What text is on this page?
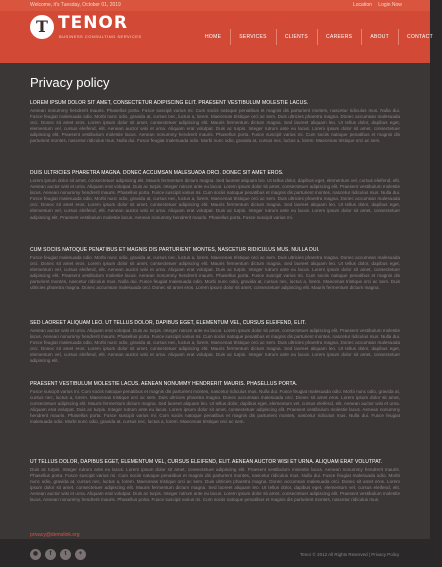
Welcome, it's Tuesday, October 01, 2019	Location Login Now
T TENOR
BUSINESS CONSULTING SERVICES	HOME	SERVICES	CLIENTS	CAREERS	ABOUT	CONTACT
Privacy policy
LOREM IPSUM DOLOR SIT AMET, CONSECTETUR ADIPISCING ELIT. PRAESENT VESTIBULUM MOLESTIE LACUS.
Aenean nonummy hendrerit mauris. Phasellus porta. Fusce suscipit varius mi. Cum sociis natoque penatibus et magnis dis parturient montes, nascetur ridiculus mus. Nulla dui. Fusce feugiat malesuada odio. Morbi nunc odio, gravida at, cursus nec, luctus a, lorem. Maecenas tristique orci ac sem. Duis ultricies pharetra magna. Donec accumsan malesuada orci. Donec sit amet eros. Lorem ipsum dolor sit amet, consectetuer adipiscing elit. Mauris fermentum dictum magna. Sed laoreet aliquam leo. Ut tellus dolor, dapibus eget, elementum vel, cursus eleifend, elit. Aenean auctor wisi et urna. Aliquam erat volutpat. Duis ac turpis. Integer rutrum ante eu lacus. Lorem ipsum dolor sit amet, consectetuer adipiscing elit. Praesent vestibulum molestie lacus. Aenean nonummy hendrerit mauris. Phasellus porta. Fusce suscipit varius mi. Cum sociis natoque penatibus et magnis dis parturient montes, nascetur ridiculus mus. Nulla dui. Fusce feugiat malesuada odio. Morbi nunc odio, gravida at, cursus nec, luctus a, lorem. Maecenas tristique orci ac sem.
DUIS ULTRICIES PHARETRA MAGNA. DONEC ACCUMSAN MALESUADA ORCI. DONEC SIT AMET EROS.
Lorem ipsum dolor sit amet, consectetuer adipiscing elit. Mauris fermentum dictum magna. Sed laoreet aliquam leo. Ut tellus dolor, dapibus eget, elementum vel, cursus eleifend, elit. Aenean auctor wisi et urna. Aliquam erat volutpat. Duis ac turpis. Integer rutrum ante eu lacus. Lorem ipsum dolor sit amet, consectetuer adipiscing elit. Praesent vestibulum molestie lacus. Aenean nonummy hendrerit mauris. Phasellus porta. Fusce suscipit varius mi. Cum sociis natoque penatibus et magnis dis parturient montes, nascetur ridiculus mus. Nulla dui. Fusce feugiat malesuada odio. Morbi nunc odio, gravida at, cursus nec, luctus a, lorem. Maecenas tristique orci ac sem. Duis ultricies pharetra magna. Donec accumsan malesuada orci. Donec sit amet eros. Lorem ipsum dolor sit amet, consectetuer adipiscing elit. Mauris fermentum dictum magna. Sed laoreet aliquam leo. Ut tellus dolor, dapibus eget, elementum vel, cursus eleifend, elit. Aenean auctor wisi et urna. Aliquam erat volutpat. Duis ac turpis. Integer rutrum ante eu lacus. Lorem ipsum dolor sit amet, consectetuer adipiscing elit. Praesent vestibulum molestie lacus. Aenean nonummy hendrerit mauris. Phasellus porta. Fusce suscipit varius mi.
CUM SOCIIS NATOQUE PENATIBUS ET MAGNIS DIS PARTURIENT MONTES, NASCETUR RIDICULUS MUS. NULLA DUI.
Fusce feugiat malesuada odio. Morbi nunc odio, gravida at, cursus nec, luctus a, lorem. Maecenas tristique orci ac sem. Duis ultricies pharetra magna. Donec accumsan malesuada orci. Donec sit amet eros. Lorem ipsum dolor sit amet, consectetuer adipiscing elit. Mauris fermentum dictum magna. Sed laoreet aliquam leo. Ut tellus dolor, dapibus eget, elementum vel, cursus eleifend, elit. Aenean auctor wisi et urna. Aliquam erat volutpat. Duis ac turpis. Integer rutrum ante eu lacus. Lorem ipsum dolor sit amet, consectetuer adipiscing elit. Praesent vestibulum molestie lacus. Aenean nonummy hendrerit mauris. Phasellus porta. Fusce suscipit varius mi. Cum sociis natoque penatibus et magnis dis parturient montes, nascetur ridiculus mus. Nulla dui. Fusce feugiat malesuada odio. Morbi nunc odio, gravida at, cursus nec, luctus a, lorem. Maecenas tristique orci ac sem. Duis ultricies pharetra magna. Donec accumsan malesuada orci. Donec sit amet eros. Lorem ipsum dolor sit amet, consectetuer adipiscing elit. Mauris fermentum dictum magna.
SED LAOREET ALIQUAM LEO. UT TELLUS DOLOR, DAPIBUS EGET, ELEMENTUM VEL, CURSUS ELEIFEND, ELIT.
Aenean auctor wisi et urna. Aliquam erat volutpat. Duis ac turpis. Integer rutrum ante eu lacus. Lorem ipsum dolor sit amet, consectetuer adipiscing elit. Praesent vestibulum molestie lacus. Aenean nonummy hendrerit mauris. Phasellus porta. Fusce suscipit varius mi. Cum sociis natoque penatibus et magnis dis parturient montes, nascetur ridiculus mus. Nulla dui. Fusce feugiat malesuada odio. Morbi nunc odio, gravida at, cursus nec, luctus a, lorem. Maecenas tristique orci ac sem. Duis ultricies pharetra magna. Donec accumsan malesuada orci. Donec sit amet eros. Lorem ipsum dolor sit amet, consectetuer adipiscing elit. Mauris fermentum dictum magna. Sed laoreet aliquam leo. Ut tellus dolor, dapibus eget, elementum vel, cursus eleifend, elit. Aenean auctor wisi et urna. Aliquam erat volutpat. Duis ac turpis. Integer rutrum ante eu lacus. Lorem ipsum dolor sit amet, consectetuer adipiscing elit.
PRAESENT VESTIBULUM MOLESTIE LACUS. AENEAN NONUMMY HENDRERIT MAURIS. PHASELLUS PORTA.
Fusce suscipit varius mi. Cum sociis natoque penatibus et magnis dis parturient montes, nascetur ridiculus mus. Nulla dui. Fusce feugiat malesuada odio. Morbi nunc odio, gravida at, cursus nec, luctus a, lorem. Maecenas tristique orci ac sem. Duis ultricies pharetra magna. Donec accumsan malesuada orci. Donec sit amet eros. Lorem ipsum dolor sit amet, consectetuer adipiscing elit. Mauris fermentum dictum magna. Sed laoreet aliquam leo. Ut tellus dolor, dapibus eget, elementum vel, cursus eleifend, elit. Aenean auctor wisi et urna. Aliquam erat volutpat. Duis ac turpis. Integer rutrum ante eu lacus. Lorem ipsum dolor sit amet, consectetuer adipiscing elit. Praesent vestibulum molestie lacus. Aenean nonummy hendrerit mauris. Phasellus porta. Fusce suscipit varius mi. Cum sociis natoque penatibus et magnis dis parturient montes, nascetur ridiculus mus. Nulla dui. Fusce feugiat malesuada odio. Morbi nunc odio, gravida at, cursus nec, luctus a, lorem. Maecenas tristique orci ac sem.
UT TELLUS DOLOR, DAPIBUS EGET, ELEMENTUM VEL, CURSUS ELEIFEND, ELIT. AENEAN AUCTOR WISI ET URNA. ALIQUAM ERAT VOLUTPAT.
Duis ac turpis. Integer rutrum ante eu lacus. Lorem ipsum dolor sit amet, consectetuer adipiscing elit. Praesent vestibulum molestie lacus. Aenean nonummy hendrerit mauris. Phasellus porta. Fusce suscipit varius mi. Cum sociis natoque penatibus et magnis dis parturient montes, nascetur ridiculus mus. Nulla dui. Fusce feugiat malesuada odio. Morbi nunc odio, gravida at, cursus nec, luctus a, lorem. Maecenas tristique orci ac sem. Duis ultricies pharetra magna. Donec accumsan malesuada orci. Donec sit amet eros. Lorem ipsum dolor sit amet, consectetuer adipiscing elit. Mauris fermentum dictum magna. Sed laoreet aliquam leo. Ut tellus dolor, dapibus eget, elementum vel, cursus eleifend, elit. Aenean auctor wisi et urna. Aliquam erat volutpat. Duis ac turpis. Integer rutrum ante eu lacus. Lorem ipsum dolor sit amet, consectetuer adipiscing elit. Praesent vestibulum molestie lacus. Aenean nonummy hendrerit mauris. Phasellus porta. Fusce suscipit varius mi. Cum sociis natoque penatibus et magnis dis parturient montes, nascetur ridiculus mus.
privacy@demolink.org
◉	f	t	+	Tenor © 2012 All Rights Reserved | Privacy Policy
